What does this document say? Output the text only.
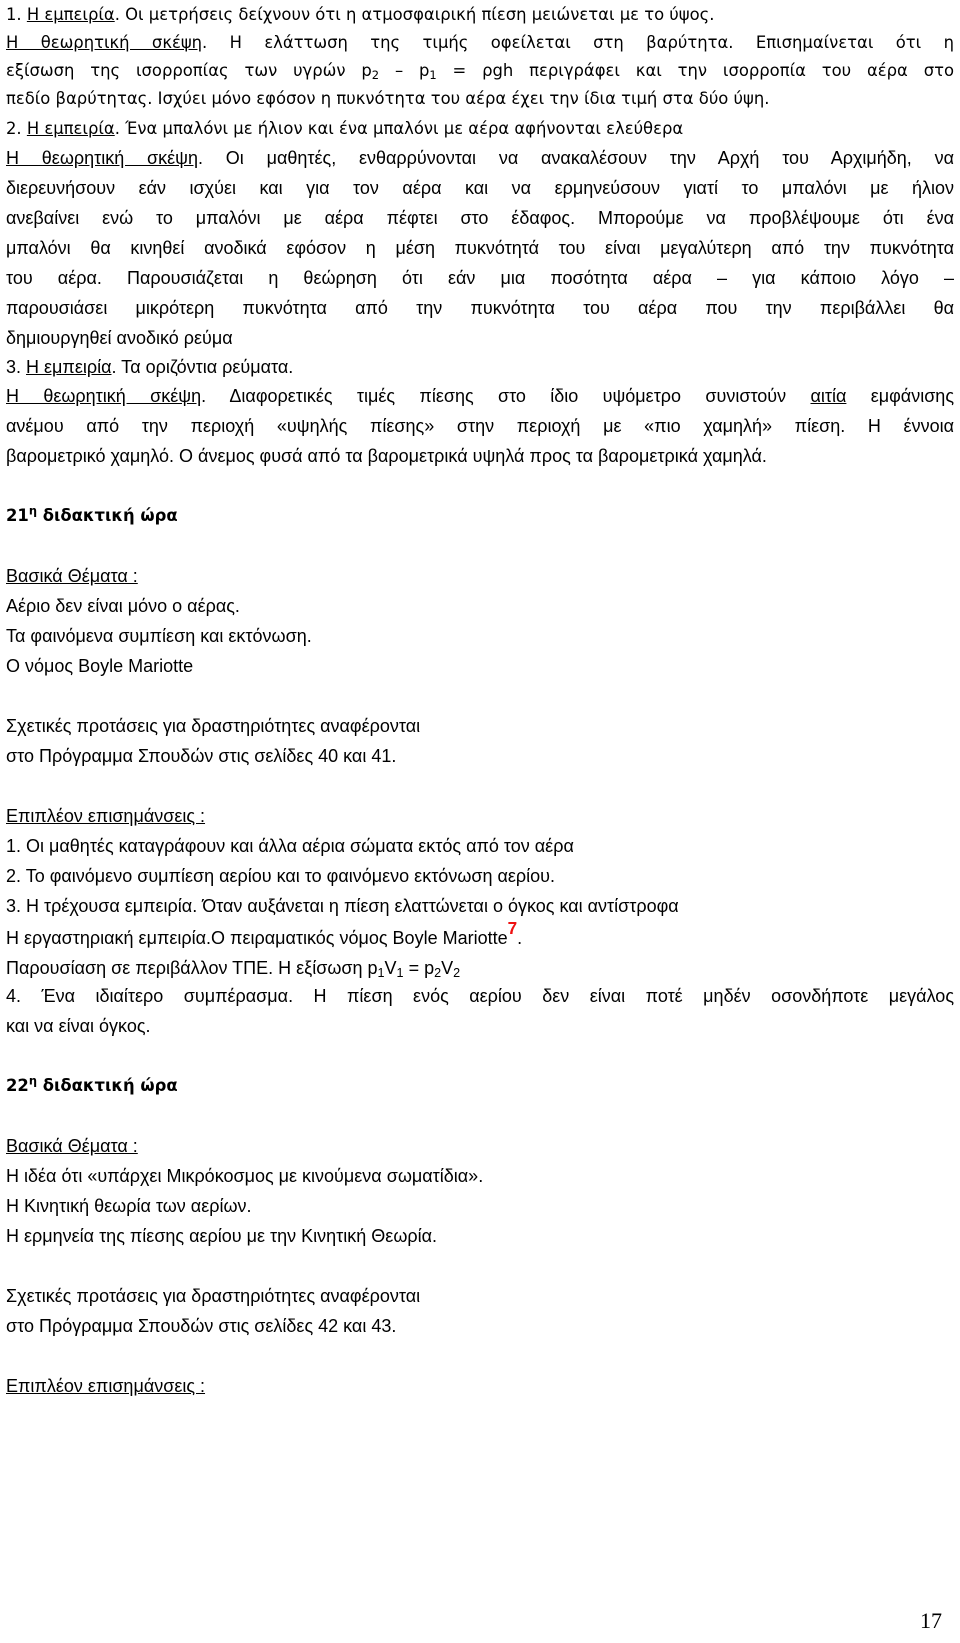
1. Η εμπειρία. Οι μετρήσεις δείχνουν ότι η ατμοσφαιρική πίεση μειώνεται με το ύψος.
Η θεωρητική σκέψη. Η ελάττωση της τιμής οφείλεται στη βαρύτητα. Επισημαίνεται ότι η
εξίσωση της ισορροπίας των υγρών $p_2 - p_1 = \rho gh$ περιγράφει και την ισορροπία του αέρα στο
πεδίο βαρύτητας. Ισχύει μόνο εφόσον η πυκνότητα του αέρα έχει την ίδια τιμή στα δύο ύψη.
2. Η εμπειρία. Ένα μπαλόνι με ήλιον και ένα μπαλόνι με αέρα αφήνονται ελεύθερα
Η θεωρητική σκέψη. Οι μαθητές, ενθαρρύνονται να ανακαλέσουν την Αρχή του Αρχιμήδη, να
διερευνήσουν εάν ισχύει και για τον αέρα και να ερμηνεύσουν γιατί το μπαλόνι με ήλιον
ανεβαίνει ενώ το μπαλόνι με αέρα πέφτει στο έδαφος. Μπορούμε να προβλέψουμε ότι ένα
μπαλόνι θα κινηθεί ανοδικά εφόσον η μέση πυκνότητά του είναι μεγαλύτερη από την πυκνότητα
του αέρα. Παρουσιάζεται η θεώρηση ότι εάν μια ποσότητα αέρα – για κάποιο λόγο –
παρουσιάσει μικρότερη πυκνότητα από την πυκνότητα του αέρα που την περιβάλλει θα
δημιουργηθεί ανοδικό ρεύμα
3. Η εμπειρία. Τα οριζόντια ρεύματα.
Η θεωρητική σκέψη. Διαφορετικές τιμές πίεσης στο ίδιο υψόμετρο συνιστούν αιτία εμφάνισης
ανέμου από την περιοχή «υψηλής πίεσης» στην περιοχή με «πιο χαμηλή» πίεση. Η έννοια
βαρομετρικό χαμηλό. Ο άνεμος φυσά από τα βαρομετρικά υψηλά προς τα βαρομετρικά χαμηλά.
$21^\eta$ διδακτική ώρα
Βασικά Θέματα :
Αέριο δεν είναι μόνο ο αέρας.
Τα φαινόμενα συμπίεση και εκτόνωση.
Ο νόμος Boyle Mariotte
Σχετικές προτάσεις για δραστηριότητες αναφέρονται
στο Πρόγραμμα Σπουδών στις σελίδες 40 και 41.
Επιπλέον επισημάνσεις :
1. Οι μαθητές καταγράφουν και άλλα αέρια σώματα εκτός από τον αέρα
2. Το φαινόμενο συμπίεση αερίου και το φαινόμενο εκτόνωση αερίου.
3. Η τρέχουσα εμπειρία. Όταν αυξάνεται η πίεση ελαττώνεται ο όγκος και αντίστροφα
Η εργαστηριακή εμπειρία.Ο πειραματικός νόμος Boyle Mariotte7.
Παρουσίαση σε περιβάλλον ΤΠΕ. Η εξίσωση $p_1V_1 = p_2V_2$
4. Ένα ιδιαίτερο συμπέρασμα. Η πίεση ενός αερίου δεν είναι ποτέ μηδέν οσονδήποτε μεγάλος
και να είναι όγκος.
$22^\eta$ διδακτική ώρα
Βασικά Θέματα :
Η ιδέα ότι «υπάρχει Μικρόκοσμος με κινούμενα σωματίδια».
Η Κινητική θεωρία των αερίων.
Η ερμηνεία της πίεσης αερίου με την Κινητική Θεωρία.
Σχετικές προτάσεις για δραστηριότητες αναφέρονται
στο Πρόγραμμα Σπουδών στις σελίδες 42 και 43.
Επιπλέον επισημάνσεις :
17
